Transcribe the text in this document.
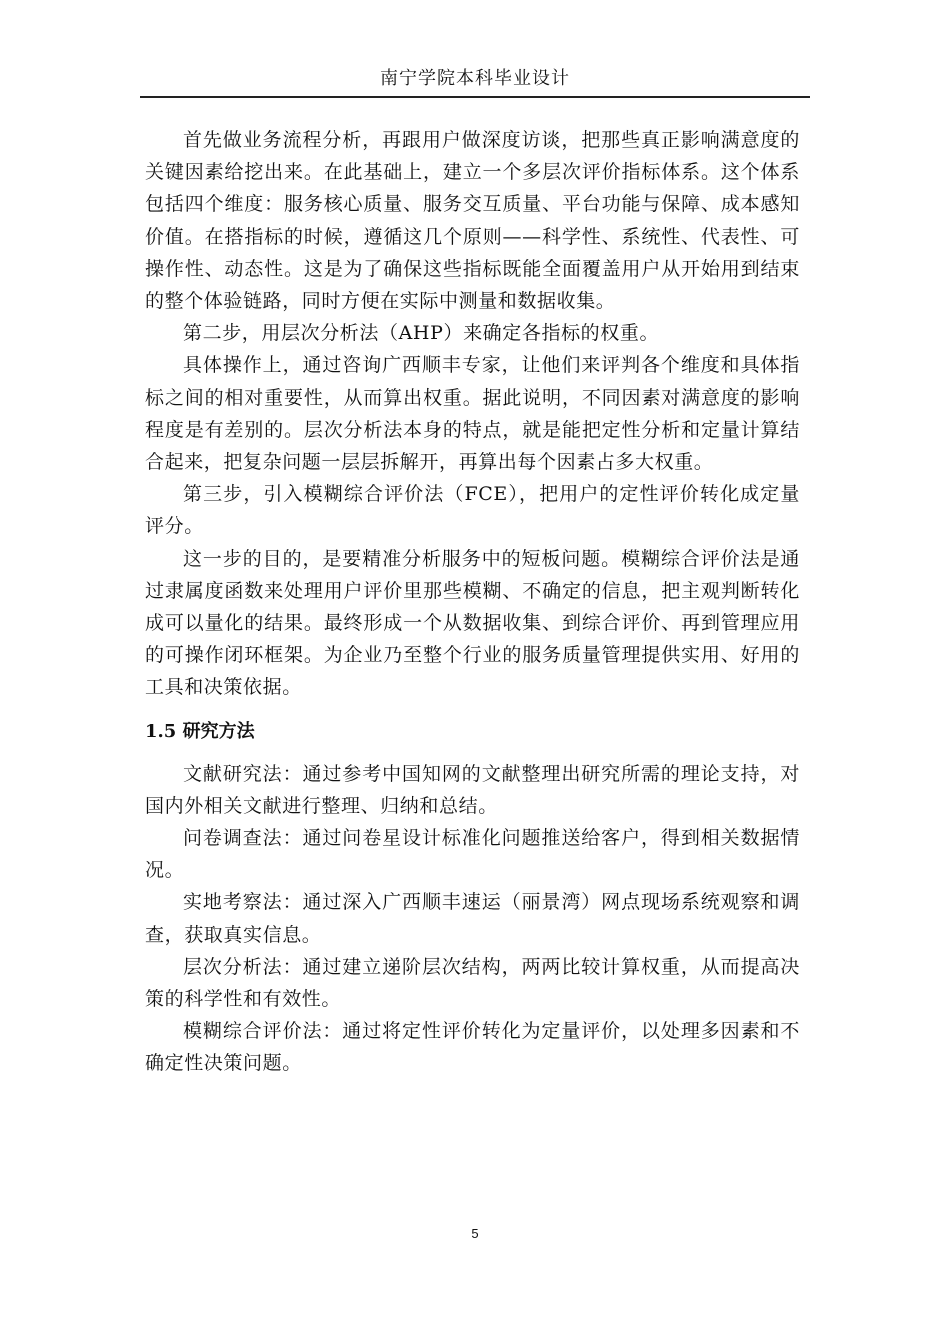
南宁学院本科毕业设计

首先做业务流程分析，再跟用户做深度访谈，把那些真正影响满意度的关键因素给挖出来。在此基础上，建立一个多层次评价指标体系。这个体系包括四个维度：服务核心质量、服务交互质量、平台功能与保障、成本感知价值。在搭指标的时候，遵循这几个原则——科学性、系统性、代表性、可操作性、动态性。这是为了确保这些指标既能全面覆盖用户从开始用到结束的整个体验链路，同时方便在实际中测量和数据收集。

第二步，用层次分析法（AHP）来确定各指标的权重。

具体操作上，通过咨询广西顺丰专家，让他们来评判各个维度和具体指标之间的相对重要性，从而算出权重。据此说明，不同因素对满意度的影响程度是有差别的。层次分析法本身的特点，就是能把定性分析和定量计算结合起来，把复杂问题一层层拆解开，再算出每个因素占多大权重。

第三步，引入模糊综合评价法（FCE），把用户的定性评价转化成定量评分。

这一步的目的，是要精准分析服务中的短板问题。模糊综合评价法是通过隶属度函数来处理用户评价里那些模糊、不确定的信息，把主观判断转化成可以量化的结果。最终形成一个从数据收集、到综合评价、再到管理应用的可操作闭环框架。为企业乃至整个行业的服务质量管理提供实用、好用的工具和决策依据。

1.5 研究方法

文献研究法：通过参考中国知网的文献整理出研究所需的理论支持，对国内外相关文献进行整理、归纳和总结。

问卷调查法：通过问卷星设计标准化问题推送给客户，得到相关数据情况。

实地考察法：通过深入广西顺丰速运（丽景湾）网点现场系统观察和调查，获取真实信息。

层次分析法：通过建立递阶层次结构，两两比较计算权重，从而提高决策的科学性和有效性。

模糊综合评价法：通过将定性评价转化为定量评价，以处理多因素和不确定性决策问题。

5
